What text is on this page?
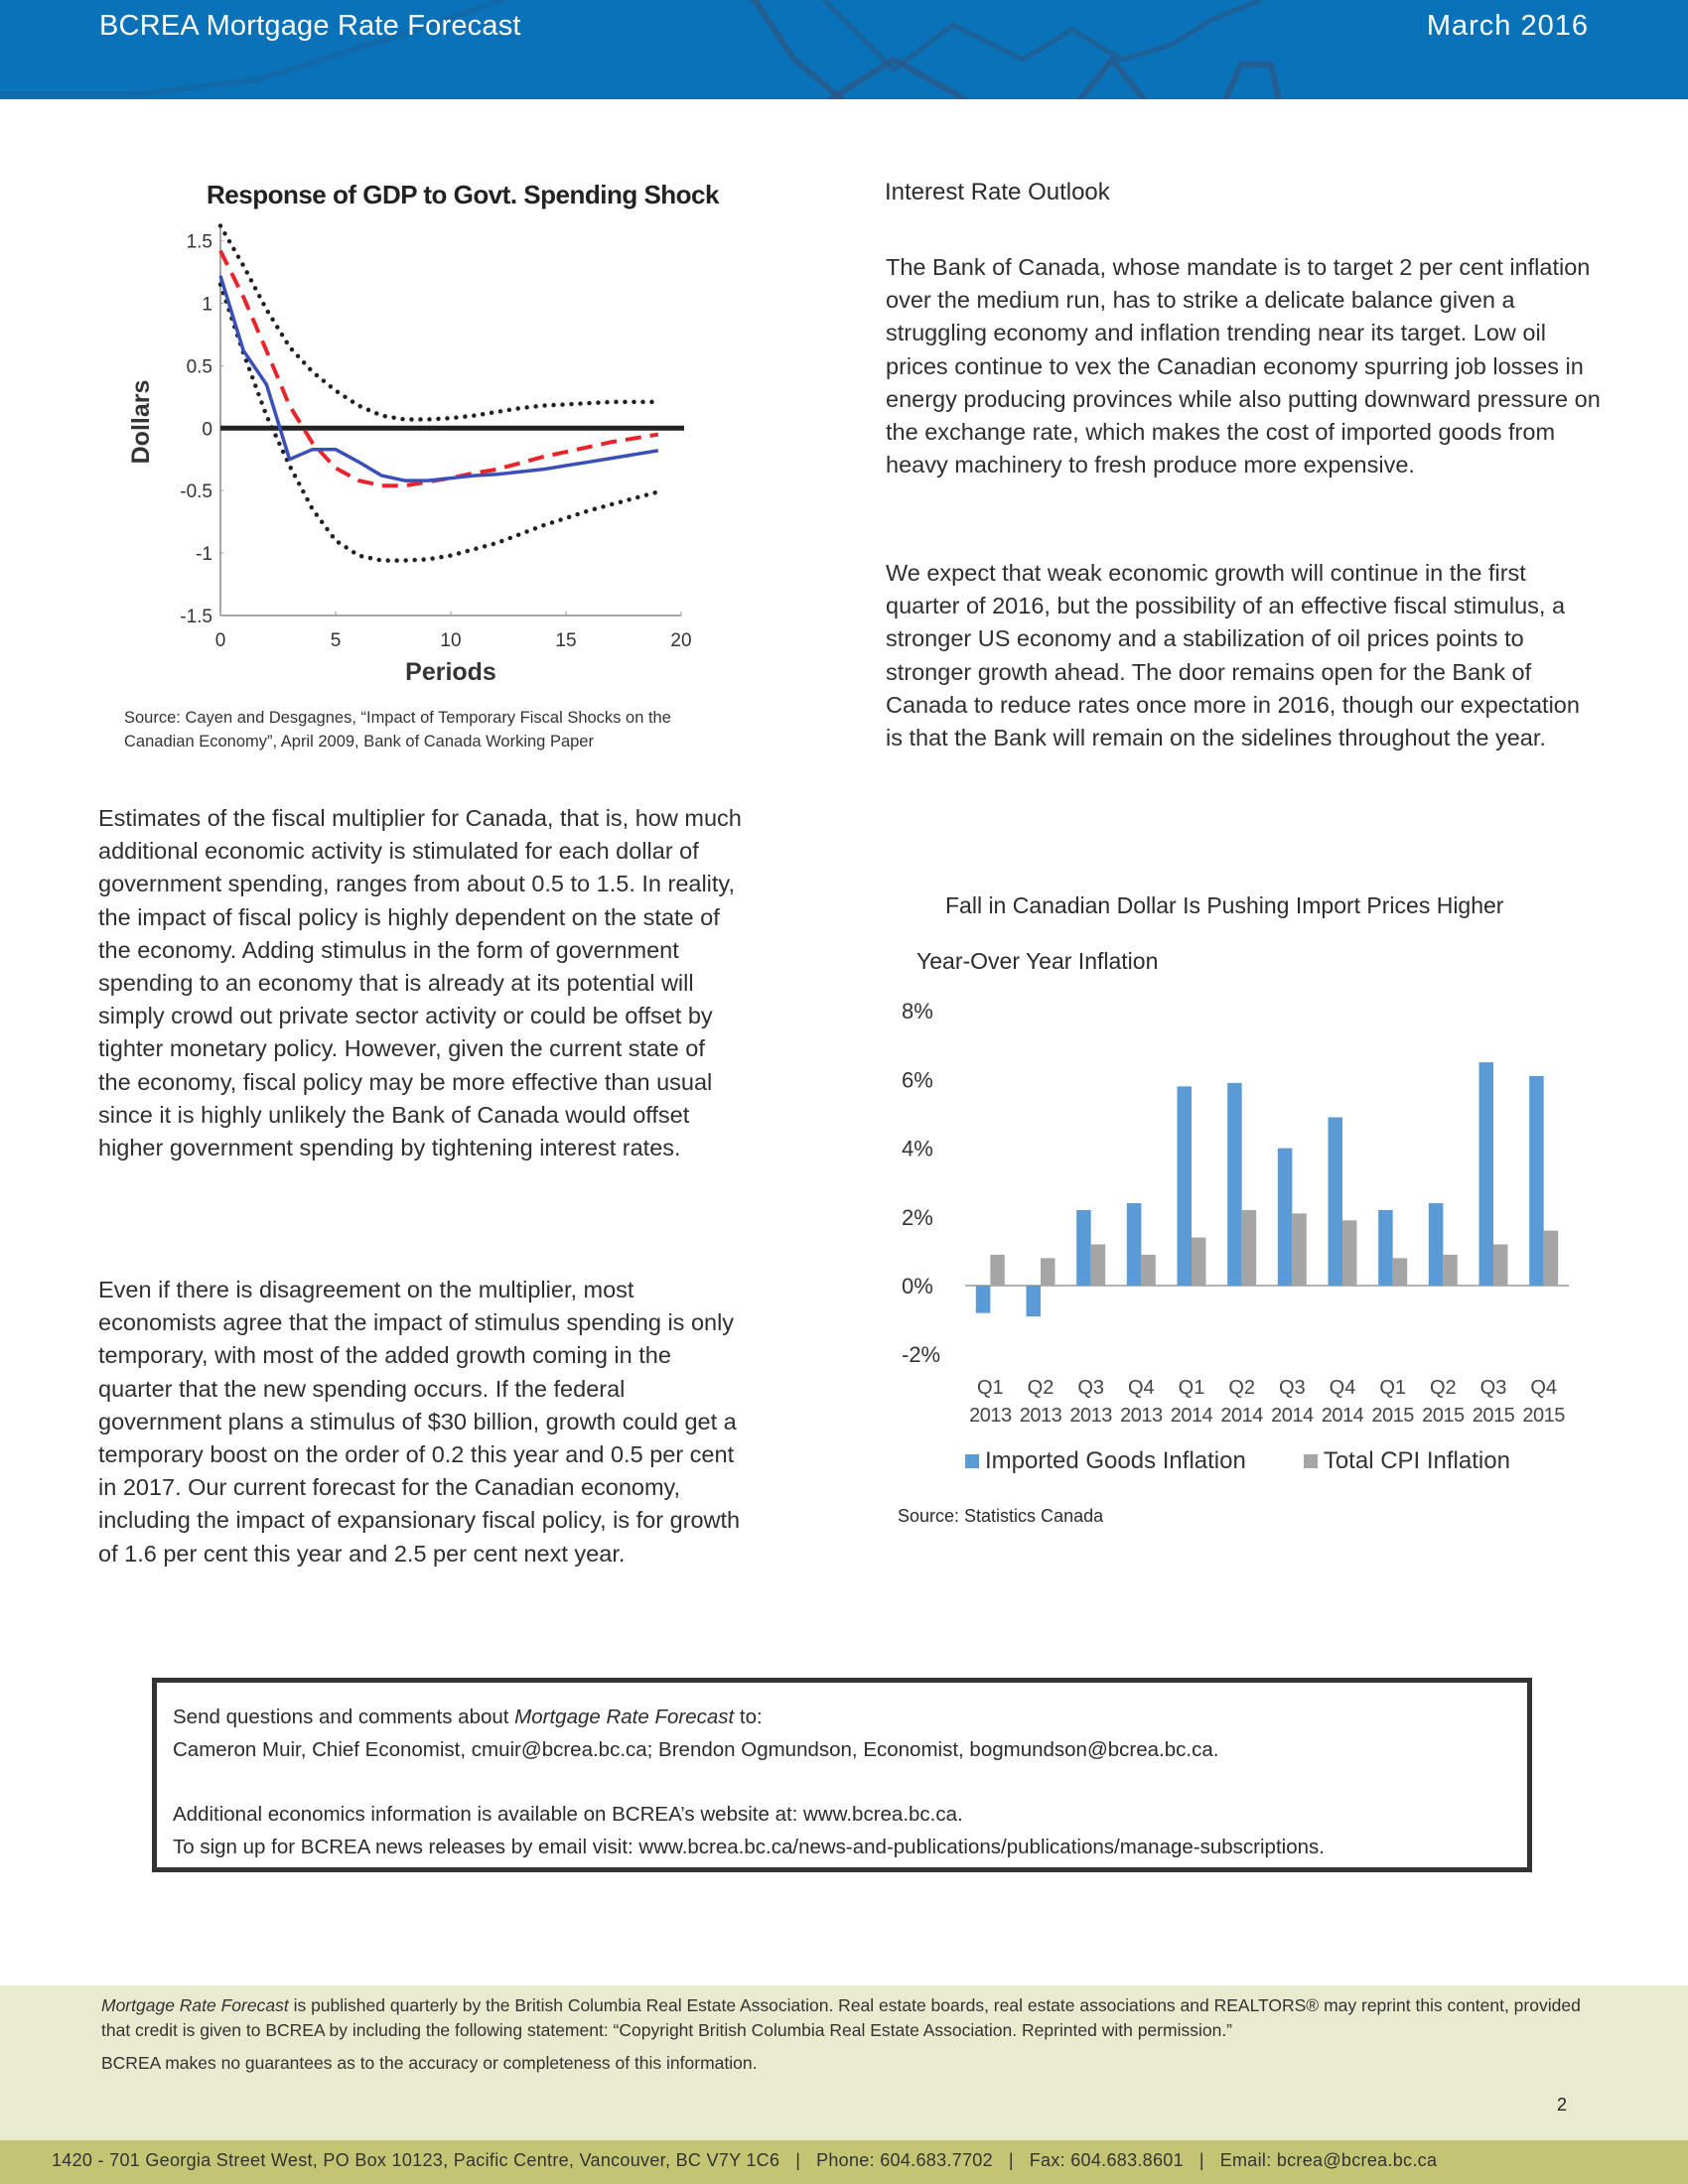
BCREA Mortgage Rate Forecast	March 2016
Response of GDP to Govt. Spending Shock
1.5
1
0.5
0
-0.5
-1
-1.5
0	5	10	15	20
Periods
Dollars
Source: Cayen and Desgagnes, “Impact of Temporary Fiscal Shocks on the Canadian Economy”, April 2009, Bank of Canada Working Paper
Estimates of the fiscal multiplier for Canada, that is, how much additional economic activity is stimulated for each dollar of government spending, ranges from about 0.5 to 1.5. In reality, the impact of fiscal policy is highly dependent on the state of the economy. Adding stimulus in the form of government spending to an economy that is already at its potential will simply crowd out private sector activity or could be offset by tighter monetary policy. However, given the current state of the economy, fiscal policy may be more effective than usual since it is highly unlikely the Bank of Canada would offset higher government spending by tightening interest rates.
Even if there is disagreement on the multiplier, most economists agree that the impact of stimulus spending is only temporary, with most of the added growth coming in the quarter that the new spending occurs. If the federal government plans a stimulus of $30 billion, growth could get a temporary boost on the order of 0.2 this year and 0.5 per cent in 2017. Our current forecast for the Canadian economy, including the impact of expansionary fiscal policy, is for growth of 1.6 per cent this year and 2.5 per cent next year.
Interest Rate Outlook
The Bank of Canada, whose mandate is to target 2 per cent inflation over the medium run, has to strike a delicate balance given a struggling economy and inflation trending near its target. Low oil prices continue to vex the Canadian economy spurring job losses in energy producing provinces while also putting downward pressure on the exchange rate, which makes the cost of imported goods from heavy machinery to fresh produce more expensive.
We expect that weak economic growth will continue in the first quarter of 2016, but the possibility of an effective fiscal stimulus, a stronger US economy and a stabilization of oil prices points to stronger growth ahead. The door remains open for the Bank of Canada to reduce rates once more in 2016, though our expectation is that the Bank will remain on the sidelines throughout the year.
Fall in Canadian Dollar Is Pushing Import Prices Higher
Year-Over Year Inflation
8%
6%
4%
2%
0%
-2%
Q1
2013
Q2
2013
Q3
2013
Q4
2013
Q1
2014
Q2
2014
Q3
2014
Q4
2014
Q1
2015
Q2
2015
Q3
2015
Q4
2015
Imported Goods Inflation	Total CPI Inflation
Source: Statistics Canada
Send questions and comments about Mortgage Rate Forecast to:
Cameron Muir, Chief Economist, cmuir@bcrea.bc.ca; Brendon Ogmundson, Economist, bogmundson@bcrea.bc.ca.
Additional economics information is available on BCREA’s website at: www.bcrea.bc.ca.
To sign up for BCREA news releases by email visit: www.bcrea.bc.ca/news-and-publications/publications/manage-subscriptions.
Mortgage Rate Forecast is published quarterly by the British Columbia Real Estate Association. Real estate boards, real estate associations and REALTORS® may reprint this content, provided that credit is given to BCREA by including the following statement: “Copyright British Columbia Real Estate Association. Reprinted with permission.”
BCREA makes no guarantees as to the accuracy or completeness of this information.
2
1420 - 701 Georgia Street West, PO Box 10123, Pacific Centre, Vancouver, BC V7Y 1C6   |   Phone: 604.683.7702   |   Fax: 604.683.8601   |   Email: bcrea@bcrea.bc.ca
